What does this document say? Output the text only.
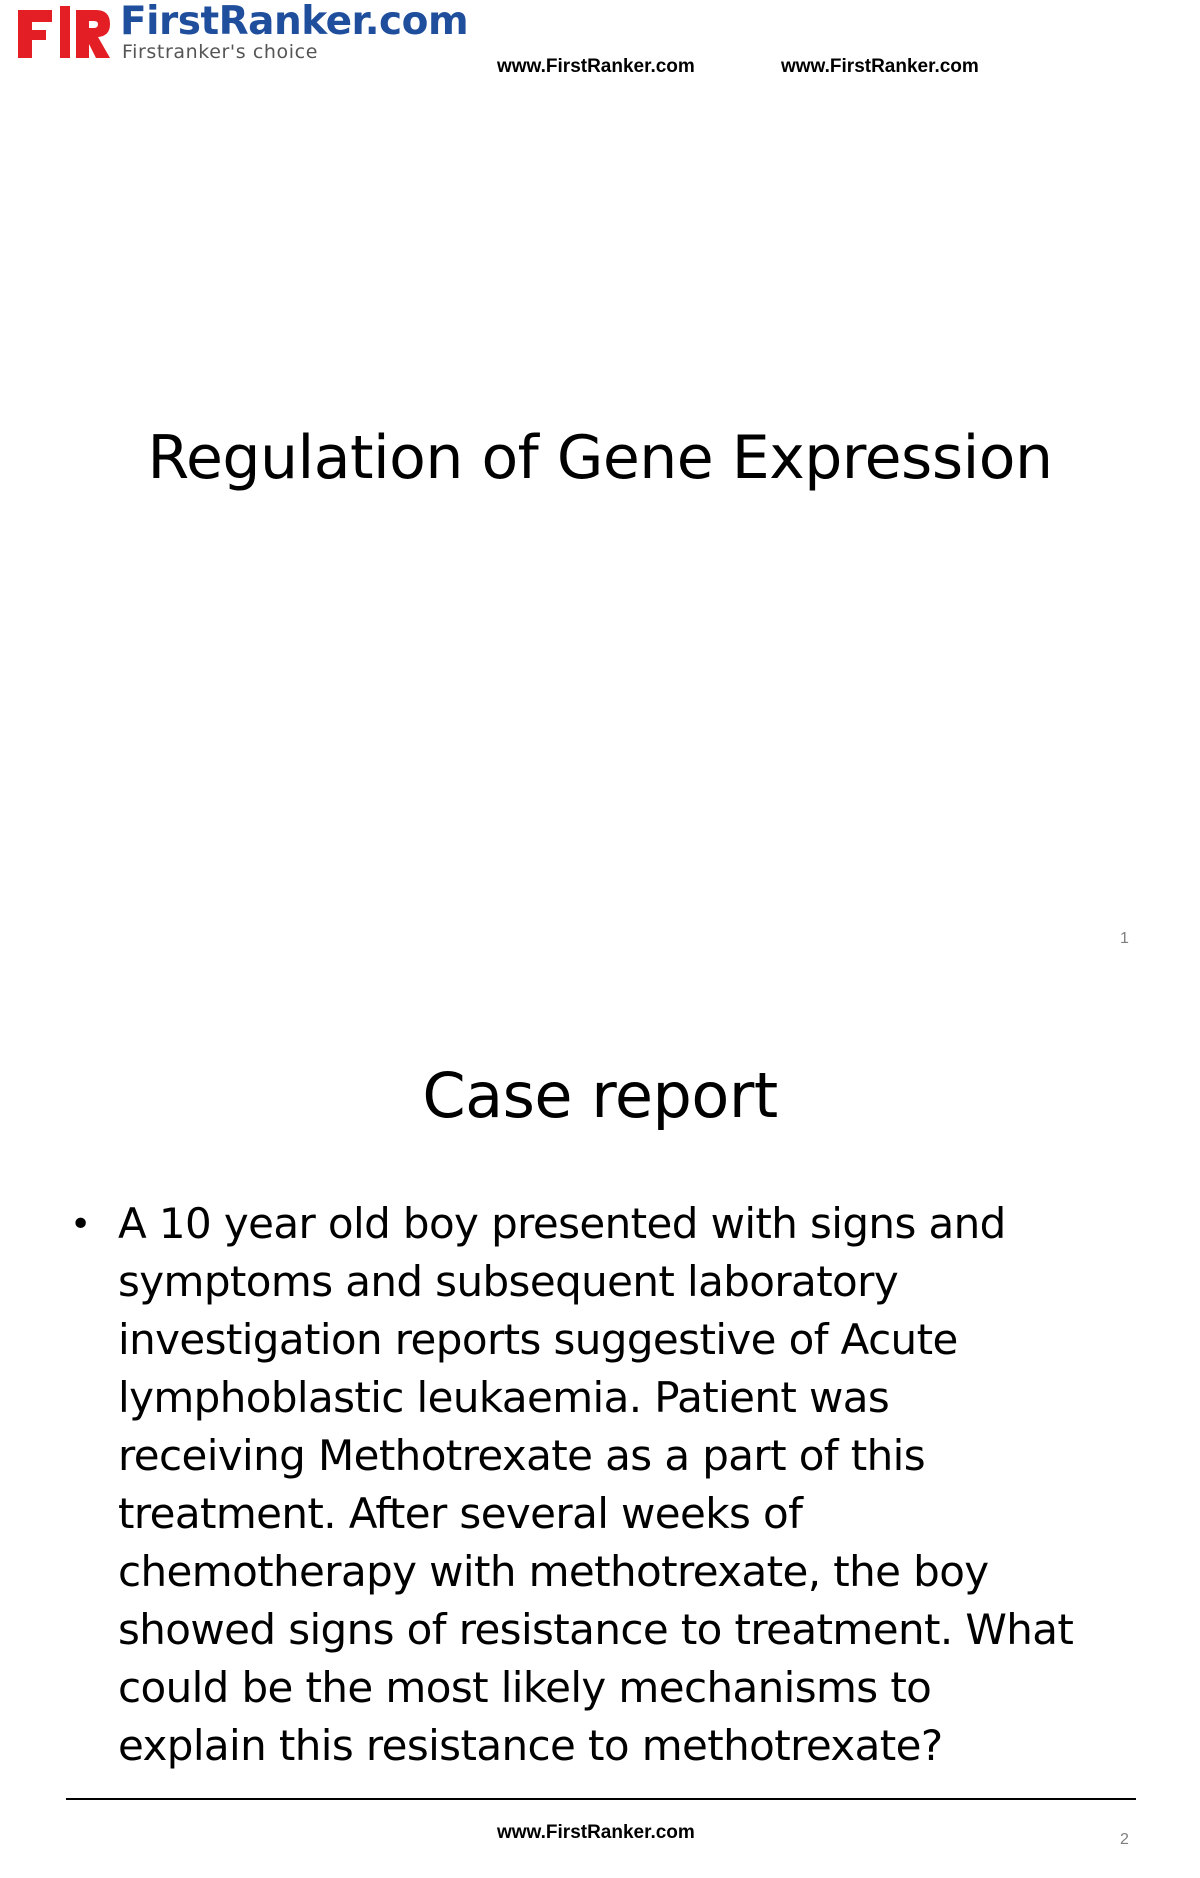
FirstRanker.com
Firstranker's choice
www.FirstRanker.com	www.FirstRanker.com
Regulation of Gene Expression
1
Case report
• A 10 year old boy presented with signs and
symptoms and subsequent laboratory
investigation reports suggestive of Acute
lymphoblastic leukaemia. Patient was
receiving Methotrexate as a part of this
treatment. After several weeks of
chemotherapy with methotrexate, the boy
showed signs of resistance to treatment. What
could be the most likely mechanisms to
explain this resistance to methotrexate?
www.FirstRanker.com	2
